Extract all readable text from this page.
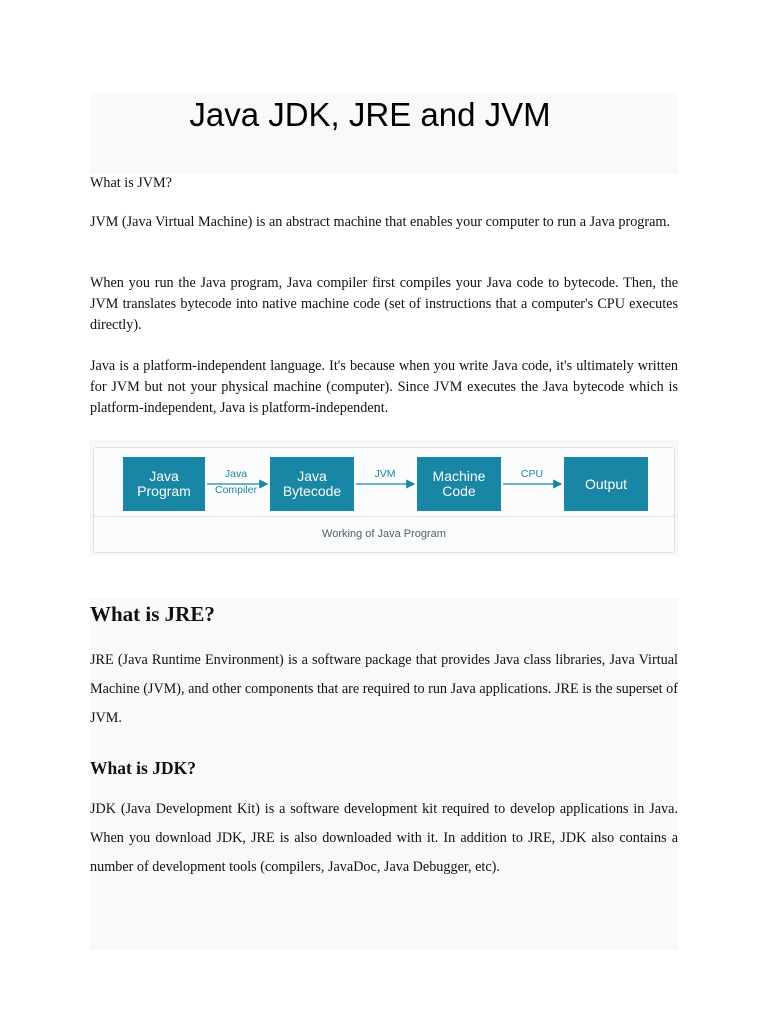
Java JDK, JRE and JVM

What is JVM?

JVM (Java Virtual Machine) is an abstract machine that enables your computer to run a Java program.

When you run the Java program, Java compiler first compiles your Java code to bytecode. Then, the JVM translates bytecode into native machine code (set of instructions that a computer's CPU executes directly).

Java is a platform-independent language. It's because when you write Java code, it's ultimately written for JVM but not your physical machine (computer). Since JVM executes the Java bytecode which is platform-independent, Java is platform-independent.

Java
Program
Java
Bytecode
Machine
Code	Output
Java
Compiler
JVM	CPU
Working of Java Program
What is JRE?

JRE (Java Runtime Environment) is a software package that provides Java class libraries, Java Virtual Machine (JVM), and other components that are required to run Java applications. JRE is the superset of JVM.

What is JDK?

JDK (Java Development Kit) is a software development kit required to develop applications in Java. When you download JDK, JRE is also downloaded with it. In addition to JRE, JDK also contains a number of development tools (compilers, JavaDoc, Java Debugger, etc).
